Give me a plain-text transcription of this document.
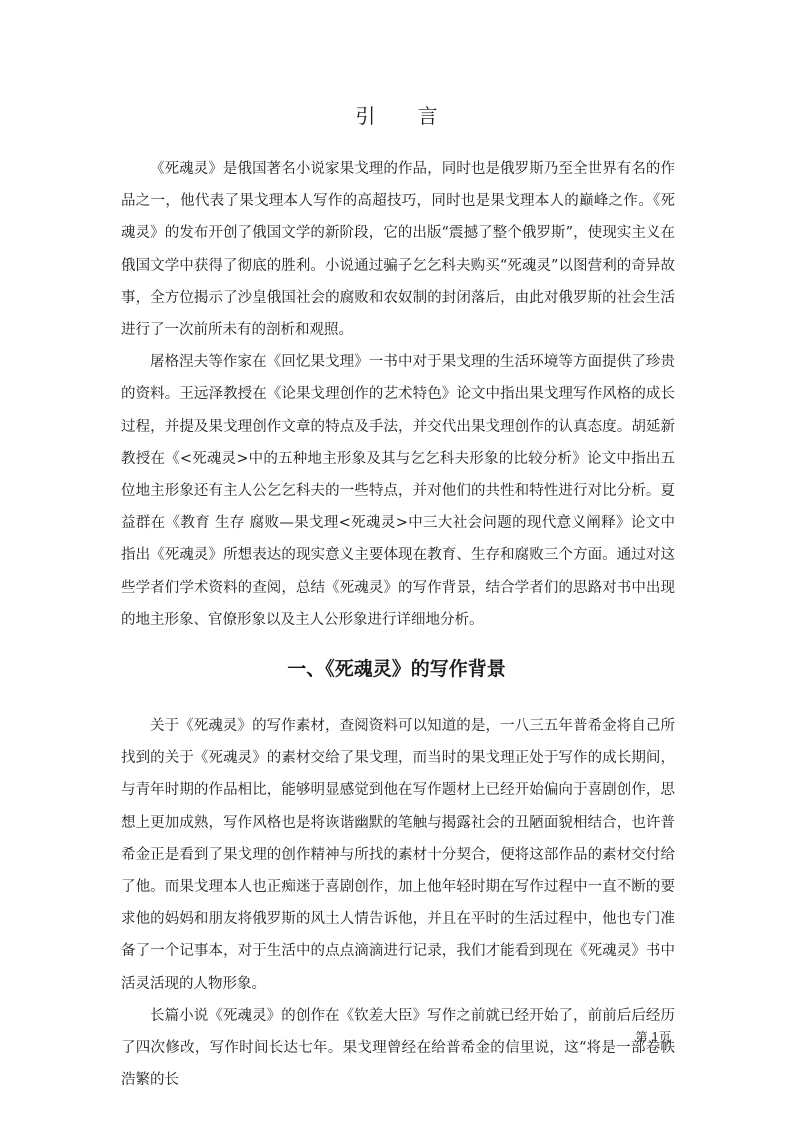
引 言

《死魂灵》是俄国著名小说家果戈理的作品，同时也是俄罗斯乃至全世界有名的作品之一，他代表了果戈理本人写作的高超技巧，同时也是果戈理本人的巅峰之作。《死魂灵》的发布开创了俄国文学的新阶段，它的出版“震撼了整个俄罗斯”，使现实主义在俄国文学中获得了彻底的胜利。小说通过骗子乞乞科夫购买“死魂灵”以图营利的奇异故事，全方位揭示了沙皇俄国社会的腐败和农奴制的封闭落后，由此对俄罗斯的社会生活进行了一次前所未有的剖析和观照。

屠格涅夫等作家在《回忆果戈理》一书中对于果戈理的生活环境等方面提供了珍贵的资料。王远泽教授在《论果戈理创作的艺术特色》论文中指出果戈理写作风格的成长过程，并提及果戈理创作文章的特点及手法，并交代出果戈理创作的认真态度。胡延新教授在《<死魂灵>中的五种地主形象及其与乞乞科夫形象的比较分析》论文中指出五位地主形象还有主人公乞乞科夫的一些特点，并对他们的共性和特性进行对比分析。夏益群在《教育 生存 腐败—果戈理<死魂灵>中三大社会问题的现代意义阐释》论文中指出《死魂灵》所想表达的现实意义主要体现在教育、生存和腐败三个方面。通过对这些学者们学术资料的查阅，总结《死魂灵》的写作背景，结合学者们的思路对书中出现的地主形象、官僚形象以及主人公形象进行详细地分析。

一、《死魂灵》的写作背景

关于《死魂灵》的写作素材，查阅资料可以知道的是，一八三五年普希金将自己所找到的关于《死魂灵》的素材交给了果戈理，而当时的果戈理正处于写作的成长期间，与青年时期的作品相比，能够明显感觉到他在写作题材上已经开始偏向于喜剧创作，思想上更加成熟，写作风格也是将诙谐幽默的笔触与揭露社会的丑陋面貌相结合，也许普希金正是看到了果戈理的创作精神与所找的素材十分契合，便将这部作品的素材交付给了他。而果戈理本人也正痴迷于喜剧创作，加上他年轻时期在写作过程中一直不断的要求他的妈妈和朋友将俄罗斯的风土人情告诉他，并且在平时的生活过程中，他也专门准备了一个记事本，对于生活中的点点滴滴进行记录，我们才能看到现在《死魂灵》书中活灵活现的人物形象。

长篇小说《死魂灵》的创作在《钦差大臣》写作之前就已经开始了，前前后后经历了四次修改，写作时间长达七年。果戈理曾经在给普希金的信里说，这“将是一部卷帙浩繁的长

第 1页
